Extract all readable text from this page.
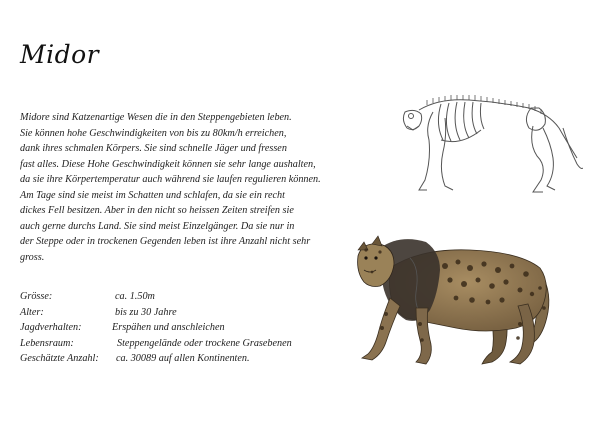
Midor
Midore sind Katzenartige Wesen die in den Steppengebieten leben.
Sie können hohe Geschwindigkeiten von bis zu 80km/h erreichen,
dank ihres schmalen Körpers. Sie sind schnelle Jäger und fressen
fast alles. Diese Hohe Geschwindigkeit können sie sehr lange aushalten,
da sie ihre Körpertemperatur auch während sie laufen regulieren können.
Am Tage sind sie meist im Schatten und schlafen, da sie ein recht
dickes Fell besitzen. Aber in den nicht so heissen Zeiten streifen sie
auch gerne durchs Land. Sie sind meist Einzelgänger. Da sie nur in
der Steppe oder in trockenen Gegenden leben ist ihre Anzahl nicht sehr
gross.
Grösse:	ca. 1.50m
Alter:	bis zu 30 Jahre
Jagdverhalten:	Erspähen und anschleichen
Lebensraum:	Steppengelände oder trockene Grasebenen
Geschätzte Anzahl:	ca. 30089 auf allen Kontinenten.
